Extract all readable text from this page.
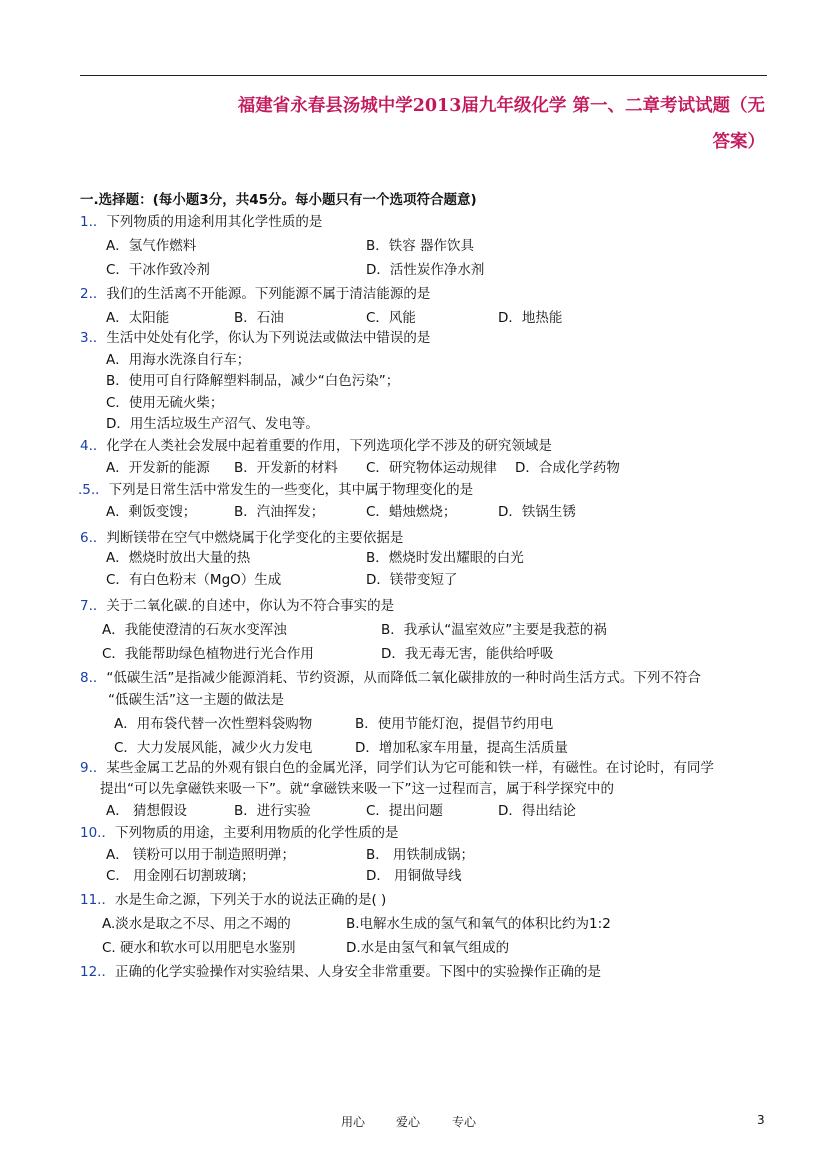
福建省永春县汤城中学2013届九年级化学 第一、二章考试试题（无
答案）
一.选择题：(每小题3分，共45分。每小题只有一个选项符合题意)
1.．下列物质的用途利用其化学性质的是
A．氢气作燃料	B．铁容 器作饮具
C．干冰作致冷剂	D．活性炭作净水剂
2.．我们的生活离不开能源。下列能源不属于清洁能源的是
A．太阳能	B．石油	C．风能	D．地热能
3.．生活中处处有化学，你认为下列说法或做法中错误的是
A．用海水洗涤自行车；
B．使用可自行降解塑料制品，减少“白色污染”；
C．使用无硫火柴；
D．用生活垃圾生产沼气、发电等。
4.．化学在人类社会发展中起着重要的作用，下列选项化学不涉及的研究领域是
A．开发新的能源 B．开发新的材料 C．研究物体运动规律 D．合成化学药物
.5.．下列是日常生活中常发生的一些变化，其中属于物理变化的是
A．剩饭变馊；	B．汽油挥发；	C．蜡烛燃烧；	D．铁锅生锈
6.．判断镁带在空气中燃烧属于化学变化的主要依据是
A．燃烧时放出大量的热	B．燃烧时发出耀眼的白光
C．有白色粉末（MgO）生成	D．镁带变短了
7.．关于二氧化碳.的自述中，你认为不符合事实的是
A．我能使澄清的石灰水变浑浊	B．我承认“温室效应”主要是我惹的祸
C．我能帮助绿色植物进行光合作用	D．我无毒无害，能供给呼吸
8.．“低碳生活”是指减少能源消耗、节约资源，从而降低二氧化碳排放的一种时尚生活方式。下列不符合
“低碳生活”这一主题的做法是
A．用布袋代替一次性塑料袋购物	B．使用节能灯泡，提倡节约用电
C．大力发展风能，减少火力发电	D．增加私家车用量，提高生活质量
9.．某些金属工艺品的外观有银白色的金属光泽，同学们认为它可能和铁一样，有磁性。在讨论时，有同学
提出“可以先拿磁铁来吸一下”。就“拿磁铁来吸一下”这一过程而言，属于科学探究中的
A． 猜想假设	B．进行实验	C．提出问题	D．得出结论
10.．下列物质的用途，主要利用物质的化学性质的是
A． 镁粉可以用于制造照明弹；	B． 用铁制成锅；
C． 用金刚石切割玻璃；	D． 用铜做导线
11.．水是生命之源，下列关于水的说法正确的是( )
A.淡水是取之不尽、用之不竭的	B.电解水生成的氢气和氧气的体积比约为1:2
C. 硬水和软水可以用肥皂水鉴别	D.水是由氢气和氧气组成的
12.．正确的化学实验操作对实验结果、人身安全非常重要。下图中的实验操作正确的是
用心	爱心	专心	3
